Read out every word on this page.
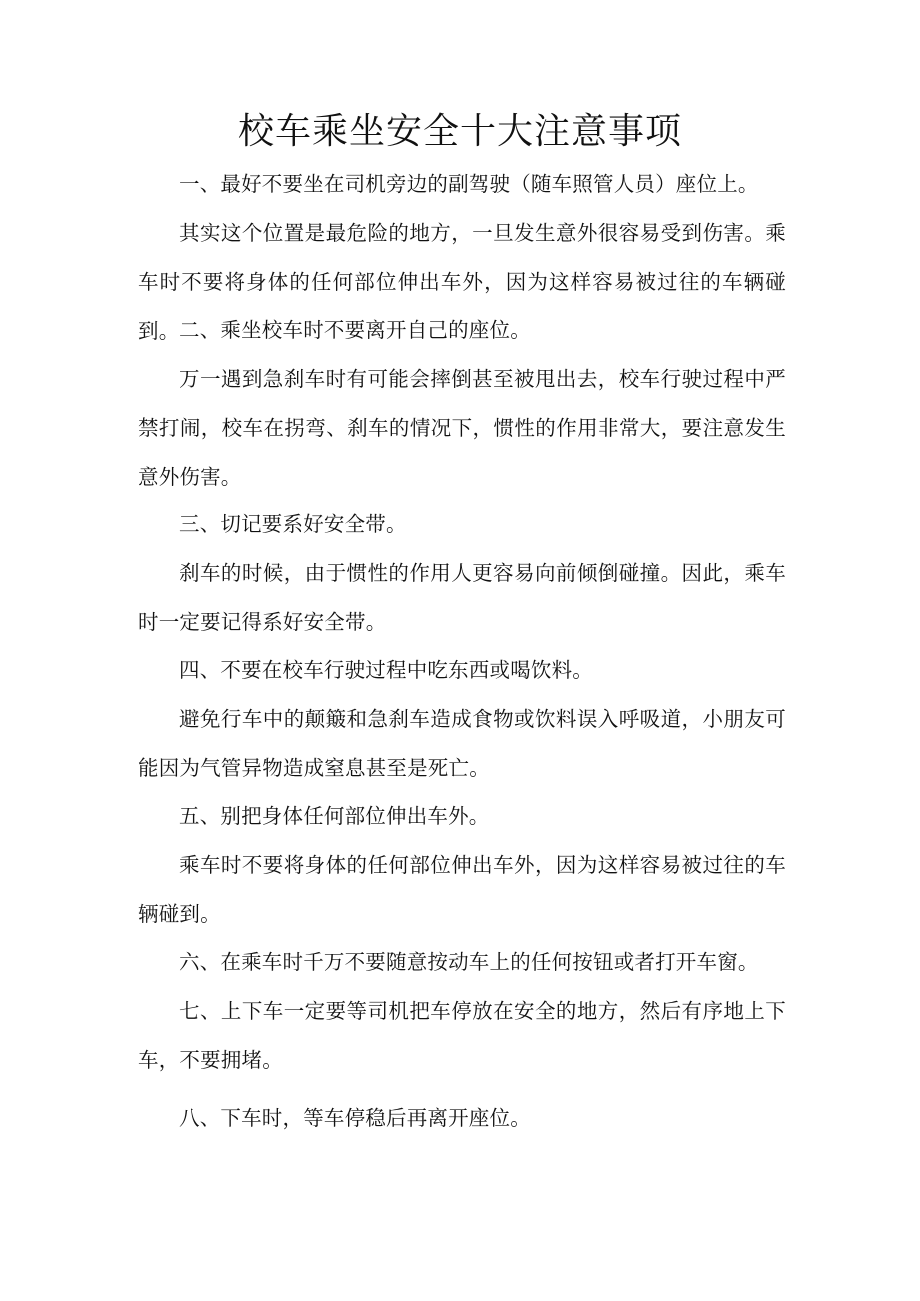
校车乘坐安全十大注意事项

一、最好不要坐在司机旁边的副驾驶（随车照管人员）座位上。

其实这个位置是最危险的地方，一旦发生意外很容易受到伤害。乘车时不要将身体的任何部位伸出车外，因为这样容易被过往的车辆碰到。 二、乘坐校车时不要离开自己的座位。

万一遇到急刹车时有可能会摔倒甚至被甩出去，校车行驶过程中严禁打闹，校车在拐弯、刹车的情况下，惯性的作用非常大，要注意发生意外伤害。

三、切记要系好安全带。

刹车的时候，由于惯性的作用人更容易向前倾倒碰撞。因此，乘车时一定要记得系好安全带。

四、不要在校车行驶过程中吃东西或喝饮料。

避免行车中的颠簸和急刹车造成食物或饮料误入呼吸道，小朋友可能因为气管异物造成窒息甚至是死亡。

五、别把身体任何部位伸出车外。

乘车时不要将身体的任何部位伸出车外，因为这样容易被过往的车辆碰到。

六、在乘车时千万不要随意按动车上的任何按钮或者打开车窗。

七、上下车一定要等司机把车停放在安全的地方，然后有序地上下车，不要拥堵。

八、下车时，等车停稳后再离开座位。
